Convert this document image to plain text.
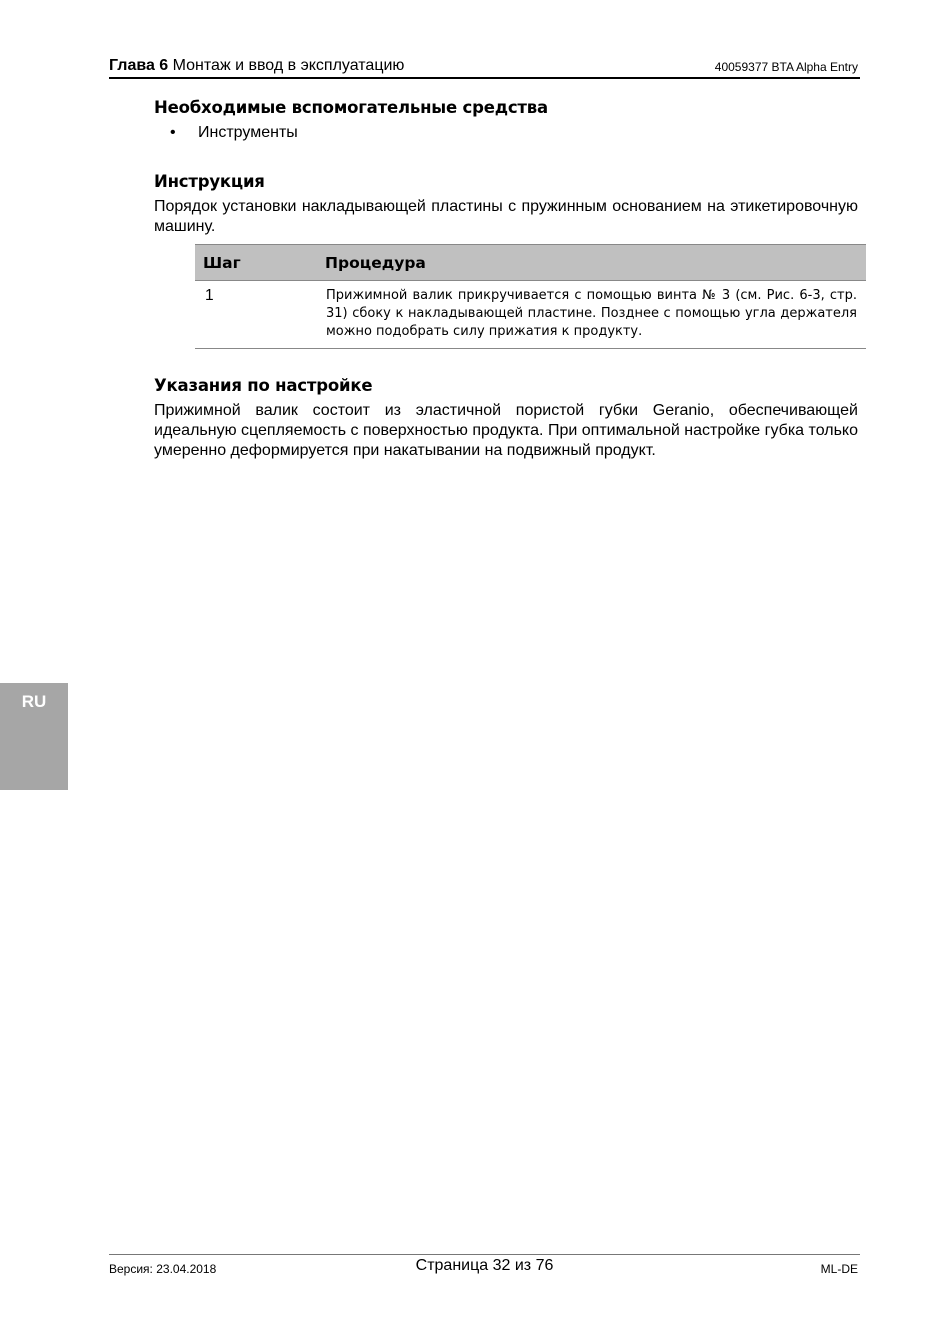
Глава 6 Монтаж и ввод в эксплуатацию	40059377 BTA Alpha Entry
Необходимые вспомогательные средства
• Инструменты
Инструкция

Порядок установки накладывающей пластины с пружинным основанием на этикетировочную машину.

Шаг	Процедура
1	Прижимной валик прикручивается с помощью винта № 3 (см. Рис. 6-3, стр. 31) сбоку к накладывающей пластине. Позднее с помощью угла держателя можно подобрать силу прижатия к продукту.
Указания по настройке

Прижимной валик состоит из эластичной пористой губки Geranio, обеспечивающей идеальную сцепляемость с поверхностью продукта. При оптимальной настройке губка только умеренно деформируется при накатывании на подвижный продукт.

RU
Версия: 23.04.2018	Страница 32 из 76	ML-DE
